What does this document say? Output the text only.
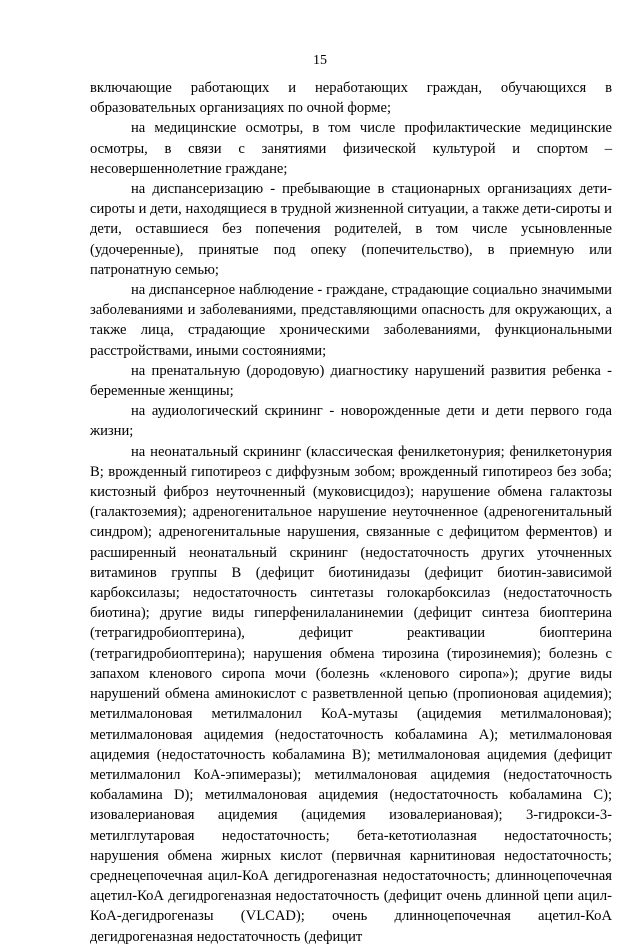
15

включающие работающих и неработающих граждан, обучающихся в образовательных организациях по очной форме;

на медицинские осмотры, в том числе профилактические медицинские осмотры, в связи с занятиями физической культурой и спортом – несовершеннолетние граждане;

на диспансеризацию - пребывающие в стационарных организациях дети-сироты и дети, находящиеся в трудной жизненной ситуации, а также дети-сироты и дети, оставшиеся без попечения родителей, в том числе усыновленные (удочеренные), принятые под опеку (попечительство), в приемную или патронатную семью;

на диспансерное наблюдение - граждане, страдающие социально значимыми заболеваниями и заболеваниями, представляющими опасность для окружающих, а также лица, страдающие хроническими заболеваниями, функциональными расстройствами, иными состояниями;

на пренатальную (дородовую) диагностику нарушений развития ребенка - беременные женщины;

на аудиологический скрининг - новорожденные дети и дети первого года жизни;

на неонатальный скрининг (классическая фенилкетонурия; фенилкетонурия В; врожденный гипотиреоз с диффузным зобом; врожденный гипотиреоз без зоба; кистозный фиброз неуточненный (муковисцидоз); нарушение обмена галактозы (галактоземия); адреногенитальное нарушение неуточненное (адреногенитальный синдром); адреногенитальные нарушения, связанные с дефицитом ферментов) и расширенный неонатальный скрининг (недостаточность других уточненных витаминов группы В (дефицит биотинидазы (дефицит биотин-зависимой карбоксилазы; недостаточность синтетазы голокарбоксилаз (недостаточность биотина); другие виды гиперфенилаланинемии (дефицит синтеза биоптерина (тетрагидробиоптерина), дефицит реактивации биоптерина (тетрагидробиоптерина); нарушения обмена тирозина (тирозинемия); болезнь с запахом кленового сиропа мочи (болезнь «кленового сиропа»); другие виды нарушений обмена аминокислот с разветвленной цепью (пропионовая ацидемия); метилмалоновая метилмалонил КоА-мутазы (ацидемия метилмалоновая); метилмалоновая ацидемия (недостаточность кобаламина А); метилмалоновая ацидемия (недостаточность кобаламина В); метилмалоновая ацидемия (дефицит метилмалонил КоА-эпимеразы); метилмалоновая ацидемия (недостаточность кобаламина D); метилмалоновая ацидемия (недостаточность кобаламина С); изовалериановая ацидемия (ацидемия изовалериановая); 3-гидрокси-3-метилглутаровая недостаточность; бета-кетотиолазная недостаточность; нарушения обмена жирных кислот (первичная карнитиновая недостаточность; среднецепочечная ацил-КоА дегидрогеназная недостаточность; длинноцепочечная ацетил-КоА дегидрогеназная недостаточность (дефицит очень длинной цепи ацил-КоА-дегидрогеназы (VLCAD); очень длинноцепочечная ацетил-КоА дегидрогеназная недостаточность (дефицит
